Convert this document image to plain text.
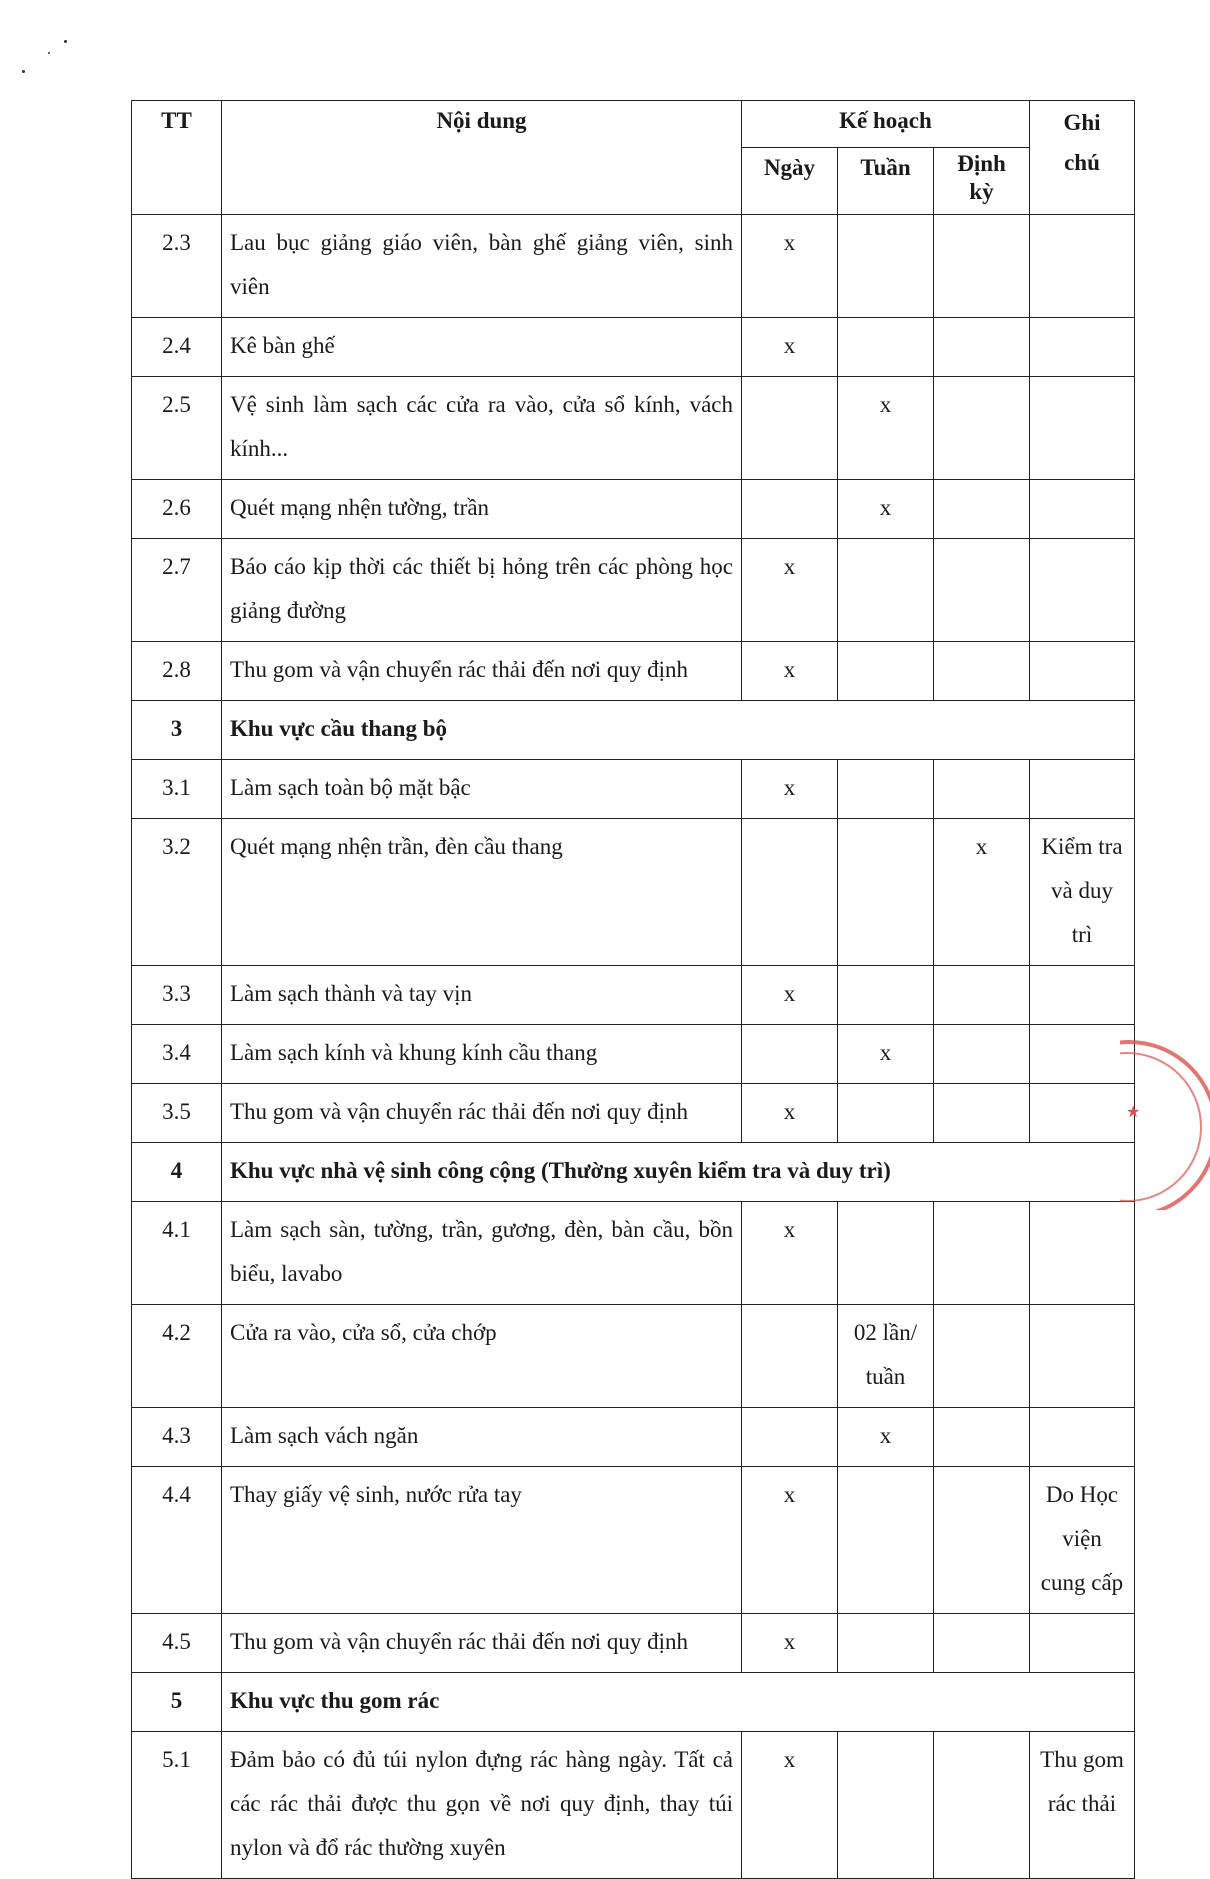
TT	Nội dung	Kế hoạch			Ghi chú
		Ngày	Tuần	Định kỳ	
2.3	Lau bục giảng giáo viên, bàn ghế giảng viên, sinh viên	x			
2.4	Kê bàn ghế	x			
2.5	Vệ sinh làm sạch các cửa ra vào, cửa sổ kính, vách kính...		x		
2.6	Quét mạng nhện tường, trần		x		
2.7	Báo cáo kịp thời các thiết bị hỏng trên các phòng học giảng đường	x			
2.8	Thu gom và vận chuyển rác thải đến nơi quy định	x			
3	Khu vực cầu thang bộ				
3.1	Làm sạch toàn bộ mặt bậc	x			
3.2	Quét mạng nhện trần, đèn cầu thang			x	Kiểm tra và duy trì
3.3	Làm sạch thành và tay vịn	x			
3.4	Làm sạch kính và khung kính cầu thang		x		
3.5	Thu gom và vận chuyển rác thải đến nơi quy định	x			
4	Khu vực nhà vệ sinh công cộng (Thường xuyên kiểm tra và duy trì)				
4.1	Làm sạch sàn, tường, trần, gương, đèn, bàn cầu, bồn biểu, lavabo	x			
4.2	Cửa ra vào, cửa sổ, cửa chớp		02 lần/ tuần		
4.3	Làm sạch vách ngăn		x		
4.4	Thay giấy vệ sinh, nước rửa tay	x			Do Học viện cung cấp
4.5	Thu gom và vận chuyển rác thải đến nơi quy định	x			
5	Khu vực thu gom rác				
5.1	Đảm bảo có đủ túi nylon đựng rác hàng ngày. Tất cả các rác thải được thu gọn về nơi quy định, thay túi nylon và đổ rác thường xuyên	x			Thu gom rác thải
★
